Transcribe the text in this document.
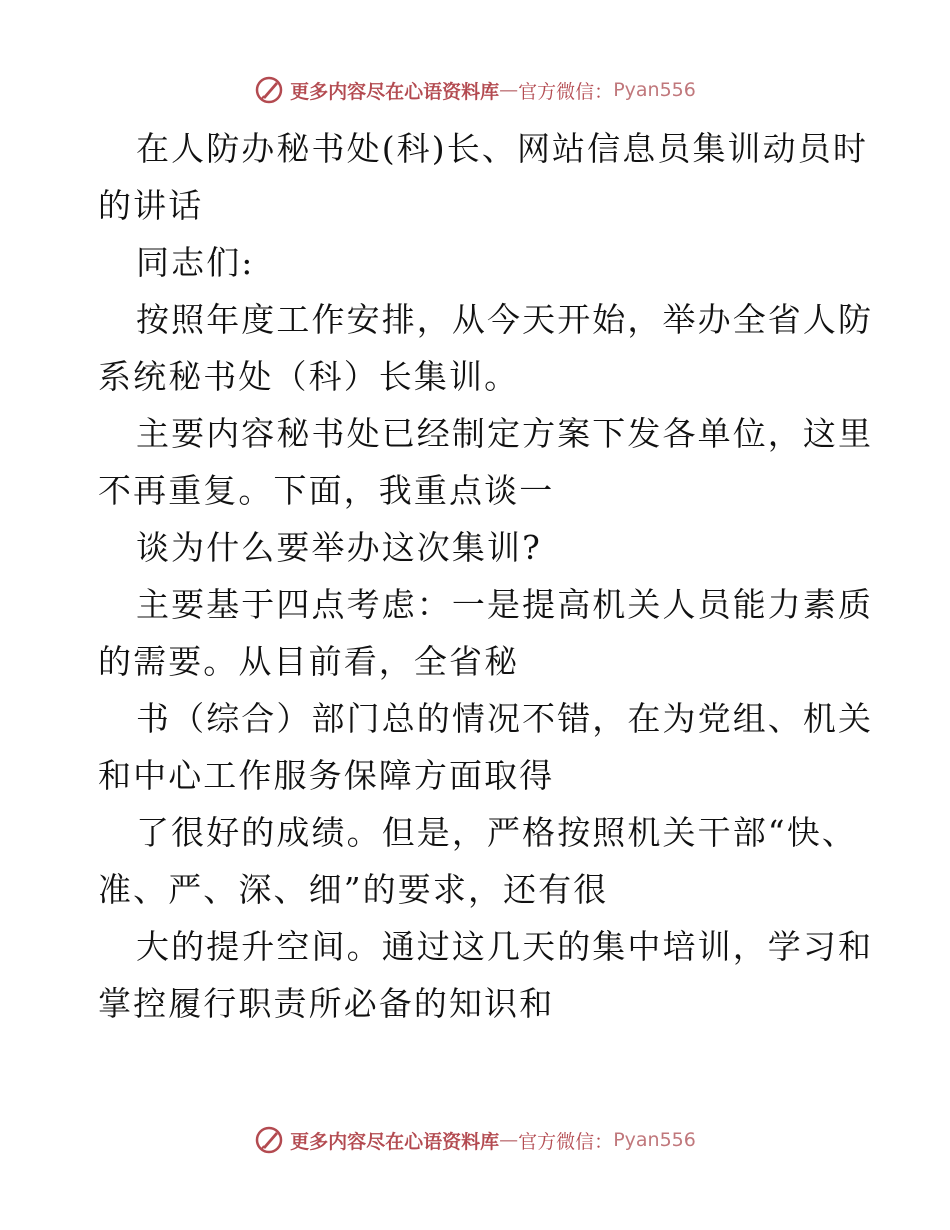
更多内容尽在心语资料库 — 官方微信： Pyan556

在人防办秘书处(科)长、网站信息员集训动员时

的讲话

同志们:

按照年度工作安排，从今天开始，举办全省人防

系统秘书处（科）长集训。

主要内容秘书处已经制定方案下发各单位，这里

不再重复。下面，我重点谈一

谈为什么要举办这次集训?

主要基于四点考虑：一是提高机关人员能力素质

的需要。从目前看，全省秘

书（综合）部门总的情况不错，在为党组、机关

和中心工作服务保障方面取得

了很好的成绩。但是，严格按照机关干部“快、

准、严、深、细”的要求，还有很

大的提升空间。通过这几天的集中培训，学习和

掌控履行职责所必备的知识和

更多内容尽在心语资料库 — 官方微信： Pyan556
